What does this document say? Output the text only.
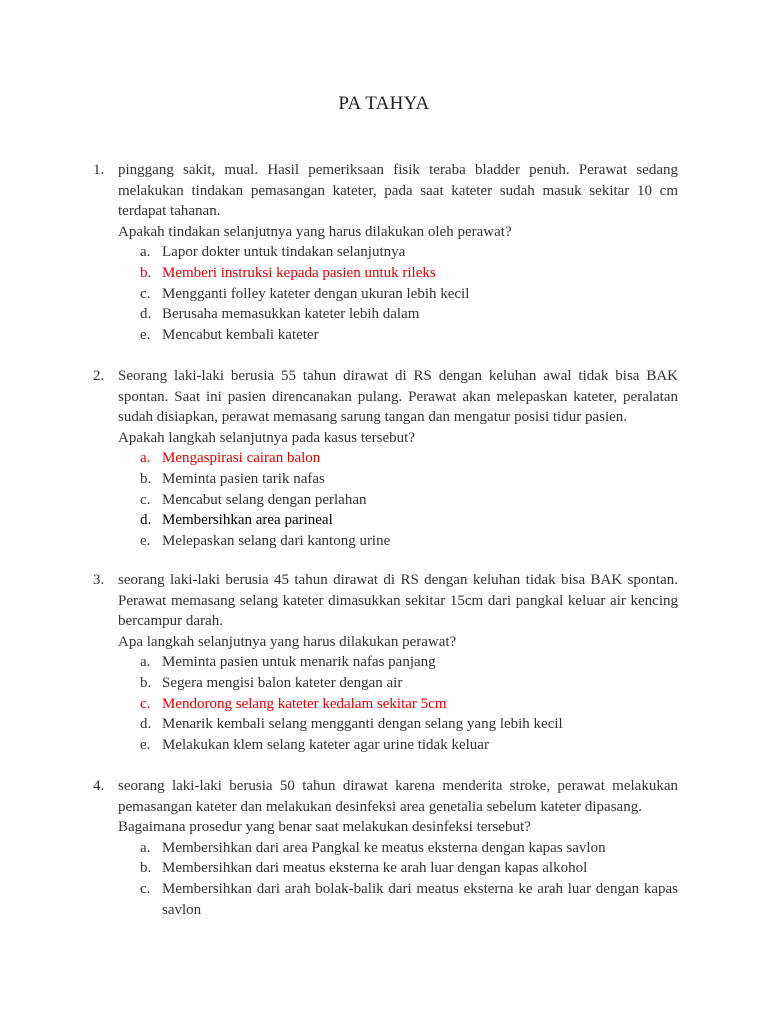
PA TAHYA
1. pinggang sakit, mual. Hasil pemeriksaan fisik teraba bladder penuh. Perawat sedang melakukan tindakan pemasangan kateter, pada saat kateter sudah masuk sekitar 10 cm terdapat tahanan.
Apakah tindakan selanjutnya yang harus dilakukan oleh perawat?
a. Lapor dokter untuk tindakan selanjutnya
b. Memberi instruksi kepada pasien untuk rileks
c. Mengganti folley kateter dengan ukuran lebih kecil
d. Berusaha memasukkan kateter lebih dalam
e. Mencabut kembali kateter
2. Seorang laki-laki berusia 55 tahun dirawat di RS dengan keluhan awal tidak bisa BAK spontan. Saat ini pasien direncanakan pulang. Perawat akan melepaskan kateter, peralatan sudah disiapkan, perawat memasang sarung tangan dan mengatur posisi tidur pasien.
Apakah langkah selanjutnya pada kasus tersebut?
a. Mengaspirasi cairan balon
b. Meminta pasien tarik nafas
c. Mencabut selang dengan perlahan
d. Membersihkan area parineal
e. Melepaskan selang dari kantong urine
3. seorang laki-laki berusia 45 tahun dirawat di RS dengan keluhan tidak bisa BAK spontan. Perawat memasang selang kateter dimasukkan sekitar 15cm dari pangkal keluar air kencing bercampur darah.
Apa langkah selanjutnya yang harus dilakukan perawat?
a. Meminta pasien untuk menarik nafas panjang
b. Segera mengisi balon kateter dengan air
c. Mendorong selang kateter kedalam sekitar 5cm
d. Menarik kembali selang mengganti dengan selang yang lebih kecil
e. Melakukan klem selang kateter agar urine tidak keluar
4. seorang laki-laki berusia 50 tahun dirawat karena menderita stroke, perawat melakukan pemasangan kateter dan melakukan desinfeksi area genetalia sebelum kateter dipasang.
Bagaimana prosedur yang benar saat melakukan desinfeksi tersebut?
a. Membersihkan dari area Pangkal ke meatus eksterna dengan kapas savlon
b. Membersihkan dari meatus eksterna ke arah luar dengan kapas alkohol
c. Membersihkan dari arah bolak-balik dari meatus eksterna ke arah luar dengan kapas savlon
